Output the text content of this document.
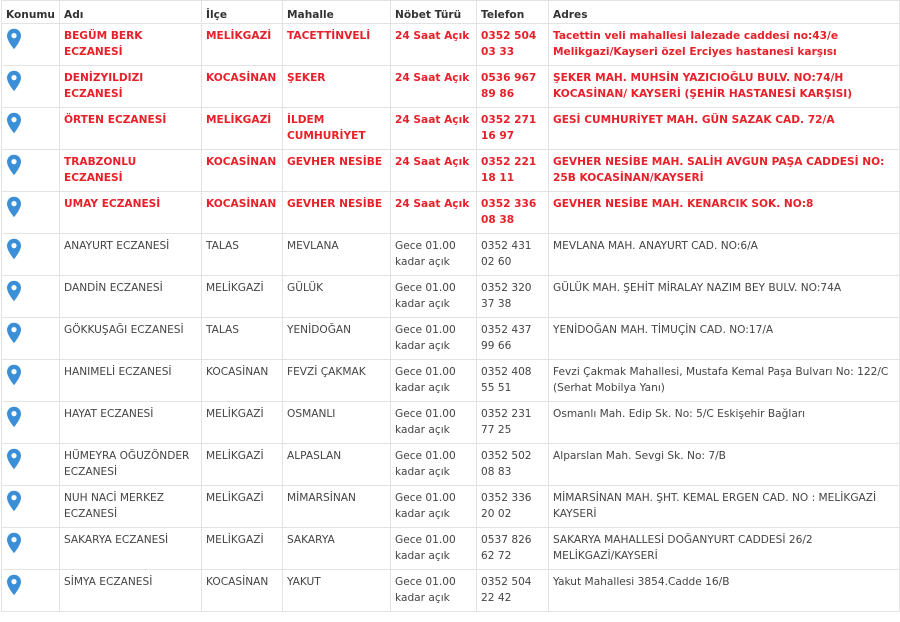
Konumu	Adı	İlçe	Mahalle	Nöbet Türü	Telefon	Adres

	BEGÜM BERK ECZANESİ	MELİKGAZİ	TACETTİNVELİ	24 Saat Açık	0352 504 03 33	Tacettin veli mahallesi lalezade caddesi no:43/e Melikgazi/Kayseri özel Erciyes hastanesi karşısı

	DENİZYILDIZI ECZANESİ	KOCASİNAN	ŞEKER	24 Saat Açık	0536 967 89 86	ŞEKER MAH. MUHSİN YAZICIOĞLU BULV. NO:74/H KOCASİNAN/ KAYSERİ (ŞEHİR HASTANESİ KARŞISI)

	ÖRTEN ECZANESİ	MELİKGAZİ	İLDEM CUMHURİYET	24 Saat Açık	0352 271 16 97	GESİ CUMHURİYET MAH. GÜN SAZAK CAD. 72/A

	TRABZONLU ECZANESİ	KOCASİNAN	GEVHER NESİBE	24 Saat Açık	0352 221 18 11	GEVHER NESİBE MAH. SALİH AVGUN PAŞA CADDESİ NO: 25B KOCASİNAN/KAYSERİ

	UMAY ECZANESİ	KOCASİNAN	GEVHER NESİBE	24 Saat Açık	0352 336 08 38	GEVHER NESİBE MAH. KENARCIK SOK. NO:8

	ANAYURT ECZANESİ	TALAS	MEVLANA	Gece 01.00 kadar açık	0352 431 02 60	MEVLANA MAH. ANAYURT CAD. NO:6/A

	DANDİN ECZANESİ	MELİKGAZİ	GÜLÜK	Gece 01.00 kadar açık	0352 320 37 38	GÜLÜK MAH. ŞEHİT MİRALAY NAZIM BEY BULV. NO:74A

	GÖKKUŞAĞI ECZANESİ	TALAS	YENİDOĞAN	Gece 01.00 kadar açık	0352 437 99 66	YENİDOĞAN MAH. TİMUÇİN CAD. NO:17/A

	HANIMELİ ECZANESİ	KOCASİNAN	FEVZİ ÇAKMAK	Gece 01.00 kadar açık	0352 408 55 51	Fevzi Çakmak Mahallesi, Mustafa Kemal Paşa Bulvarı No: 122/C (Serhat Mobilya Yanı)

	HAYAT ECZANESİ	MELİKGAZİ	OSMANLI	Gece 01.00 kadar açık	0352 231 77 25	Osmanlı Mah. Edip Sk. No: 5/C Eskişehir Bağları

	HÜMEYRA OĞUZÖNDER ECZANESİ	MELİKGAZİ	ALPASLAN	Gece 01.00 kadar açık	0352 502 08 83	Alparslan Mah. Sevgi Sk. No: 7/B

	NUH NACİ MERKEZ ECZANESİ	MELİKGAZİ	MİMARSİNAN	Gece 01.00 kadar açık	0352 336 20 02	MİMARSİNAN MAH. ŞHT. KEMAL ERGEN CAD. NO : MELİKGAZİ KAYSERİ

	SAKARYA ECZANESİ	MELİKGAZİ	SAKARYA	Gece 01.00 kadar açık	0537 826 62 72	SAKARYA MAHALLESİ DOĞANYURT CADDESİ 26/2 MELİKGAZİ/KAYSERİ

	SİMYA ECZANESİ	KOCASİNAN	YAKUT	Gece 01.00 kadar açık	0352 504 22 42	Yakut Mahallesi 3854.Cadde 16/B
